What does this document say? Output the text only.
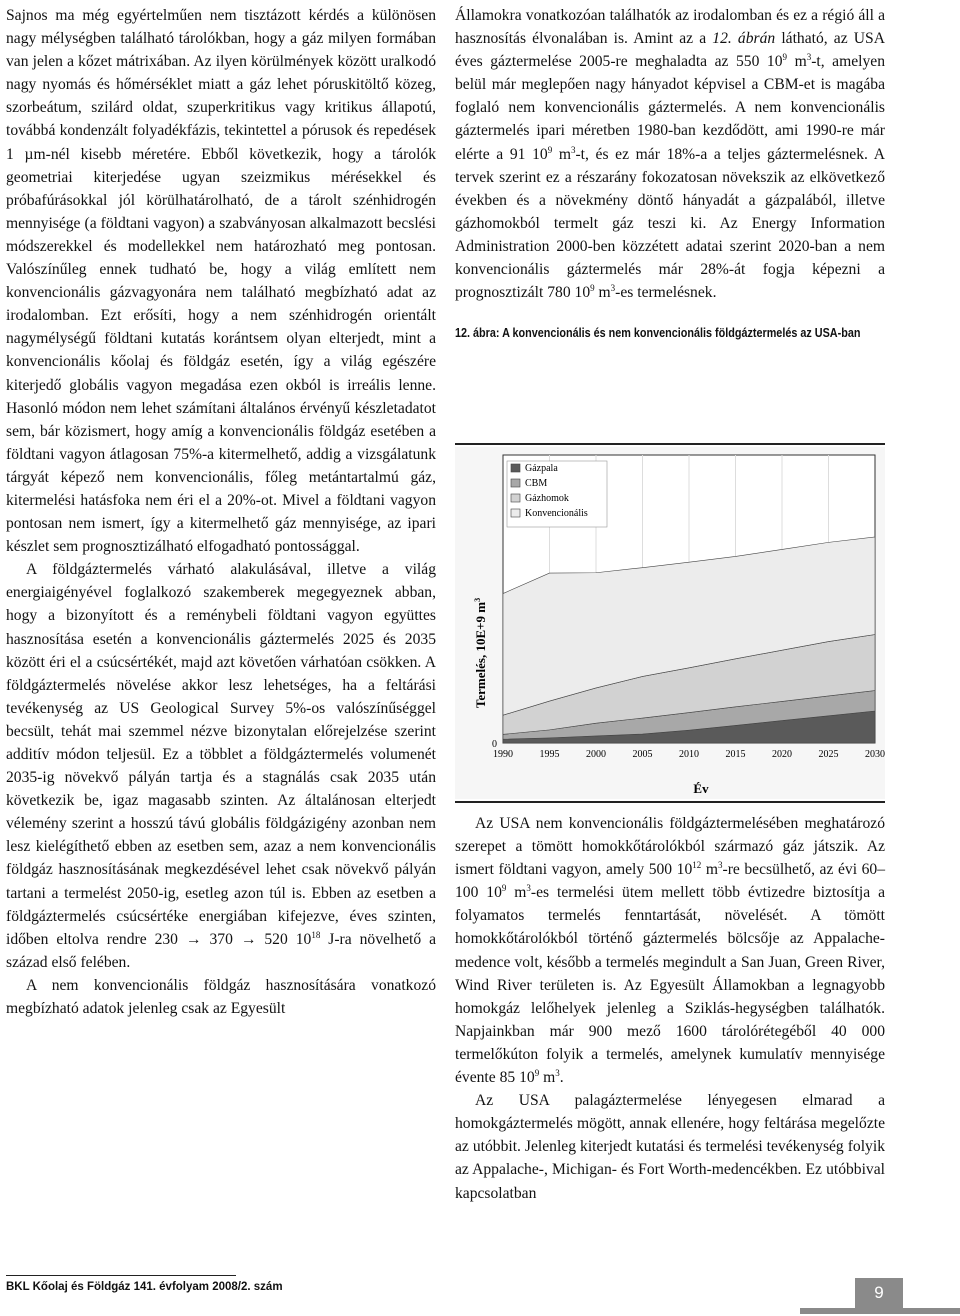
Sajnos ma még egyértelműen nem tisztázott kérdés a különösen nagy mélységben található tárolókban, hogy a gáz milyen formában van jelen a kőzet mátrixában. Az ilyen körülmények között uralkodó nagy nyomás és hőmérséklet miatt a gáz lehet póruskitöltő közeg, szorbeátum, szilárd oldat, szuperkritikus vagy kritikus állapotú, továbbá kondenzált folyadékfázis, tekintettel a pórusok és repedések 1 µm-nél kisebb méretére. Ebből következik, hogy a tárolók geometriai kiterjedése ugyan szeizmikus mérésekkel és próbafúrásokkal jól körülhatárolható, de a tárolt szénhidrogén mennyisége (a földtani vagyon) a szabványosan alkalmazott becslési módszerekkel és modellekkel nem határozható meg pontosan. Valószínűleg ennek tudható be, hogy a világ említett nem konvencionális gázvagyonára nem található megbízható adat az irodalomban. Ezt erősíti, hogy a nem szénhidrogén orientált nagymélységű földtani kutatás korántsem olyan elterjedt, mint a konvencionális kőolaj és földgáz esetén, így a világ egészére kiterjedő globális vagyon megadása ezen okból is irreális lenne. Hasonló módon nem lehet számítani általános érvényű készletadatot sem, bár közismert, hogy amíg a konvencionális földgáz esetében a földtani vagyon átlagosan 75%-a kitermelhető, addig a vizsgálatunk tárgyát képező nem konvencionális, főleg metántartalmú gáz, kitermelési hatásfoka nem éri el a 20%-ot. Mivel a földtani vagyon pontosan nem ismert, így a kitermelhető gáz mennyisége, az ipari készlet sem prognosztizálható elfogadható pontossággal.

A földgáztermelés várható alakulásával, illetve a világ energiaigényével foglalkozó szakemberek megegyeznek abban, hogy a bizonyított és a reménybeli földtani vagyon együttes hasznosítása esetén a konvencionális gáztermelés 2025 és 2035 között éri el a csúcsértékét, majd azt követően várhatóan csökken. A földgáztermelés növelése akkor lesz lehetséges, ha a feltárási tevékenység az US Geological Survey 5%-os valószínűséggel becsült, tehát mai szemmel nézve bizonytalan előrejelzése szerint additív módon teljesül. Ez a többlet a földgáztermelés volumenét 2035-ig növekvő pályán tartja és a stagnálás csak 2035 után következik be, igaz magasabb szinten. Az általánosan elterjedt vélemény szerint a hosszú távú globális földgázigény azonban nem lesz kielégíthető ebben az esetben sem, azaz a nem konvencionális földgáz hasznosításának megkezdésével lehet csak növekvő pályán tartani a termelést 2050-ig, esetleg azon túl is. Ebben az esetben a földgáztermelés csúcsértéke energiában kifejezve, éves szinten, időben eltolva rendre 230 → 370 → 520 $10^{18}$ J-ra növelhető a század első felében.

A nem konvencionális földgáz hasznosítására vonatkozó megbízható adatok jelenleg csak az Egyesült

Államokra vonatkozóan találhatók az irodalomban és ez a régió áll a hasznosítás élvonalában is. Amint az a 12. ábrán látható, az USA éves gáztermelése 2005-re meghaladta az 550 $10^9$ $m^3-t$, amelyen belül már meglepően nagy hányadot képvisel a CBM-et is magába foglaló nem konvencionális gáztermelés. A nem konvencionális gáztermelés ipari méretben 1980-ban kezdődött, ami 1990-re már elérte a 91 $10^9$ $m^3-t$, és ez már 18%-a a teljes gáztermelésnek. A tervek szerint ez a részarány fokozatosan növekszik az elkövetkező években és a növekmény döntő hányadát a gázpalából, illetve gázhomokból termelt gáz teszi ki. Az Energy Information Administration 2000-ben közzétett adatai szerint 2020-ban a nem konvencionális gáztermelés már 28%-át fogja képezni a prognosztizált 780 $10^9$ $m^3-es$ termelésnek.

12. ábra: A konvencionális és nem konvencionális földgáztermelés az USA-ban
1990	1995	2000	2005	2010	2015	2020	2025	2030
0
Gázpala
CBM
Gázhomok
Konvencionális
Termelés, 10E+9 $m^3$
Év

Az USA nem konvencionális földgáztermelésében meghatározó szerepet a tömött homokkőtárolókból származó gáz játszik. Az ismert földtani vagyon, amely 500 $10^{12}$ $m^3-re$ becsülhető, az évi 60–100 $10^9$ $m^3-es$ termelési ütem mellett több évtizedre biztosítja a folyamatos termelés fenntartását, növelését. A tömött homokkőtárolókból történő gáztermelés bölcsője az Appalache-medence volt, később a termelés megindult a San Juan, Green River, Wind River területen is. Az Egyesült Államokban a legnagyobb homokgáz lelőhelyek jelenleg a Sziklás-hegységben találhatók. Napjainkban már 900 mező 1600 tárolórétegéből 40 000 termelőkúton folyik a termelés, amelynek kumulatív mennyisége évente 85 $10^9$ $m^3$.

Az USA palagáztermelése lényegesen elmarad a homokgáztermelés mögött, annak ellenére, hogy feltárása megelőzte az utóbbit. Jelenleg kiterjedt kutatási és termelési tevékenység folyik az Appalache-, Michigan- és Fort Worth-medencékben. Ez utóbbival kapcsolatban

BKL Kőolaj és Földgáz 141. évfolyam 2008/2. szám	9
